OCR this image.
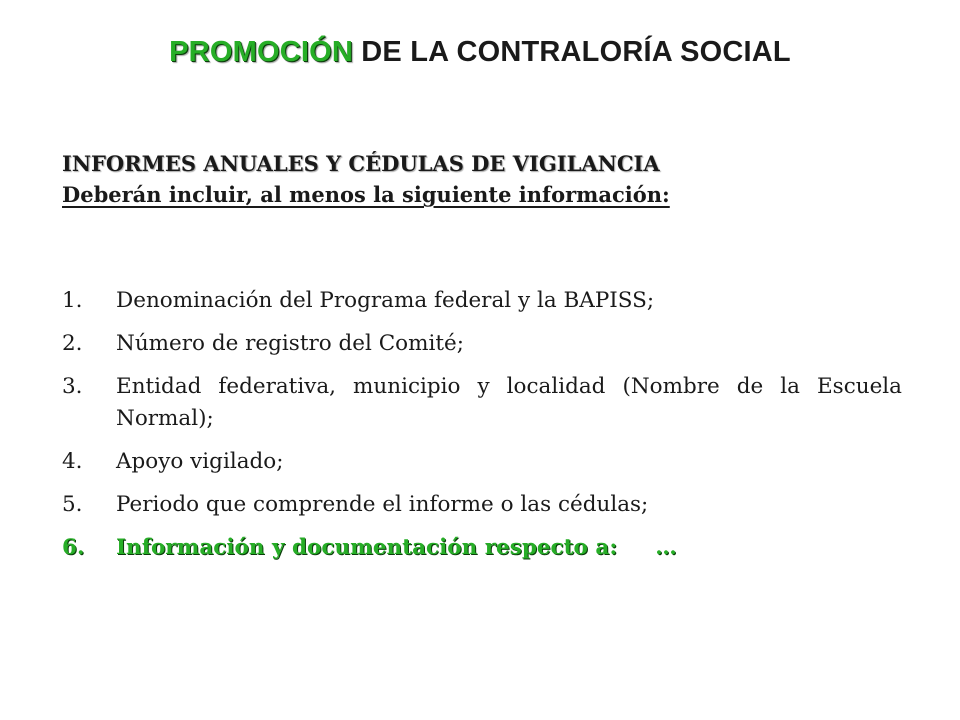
PROMOCIÓN DE LA CONTRALORÍA SOCIAL
INFORMES ANUALES Y CÉDULAS DE VIGILANCIA
Deberán incluir, al menos la siguiente información:
1.	Denominación del Programa federal y la BAPISS;
2.	Número de registro del Comité;
3.	Entidad federativa, municipio y localidad (Nombre de la Escuela Normal);
4.	Apoyo vigilado;
5.	Periodo que comprende el informe o las cédulas;
6.	Información y documentación respecto a: …
